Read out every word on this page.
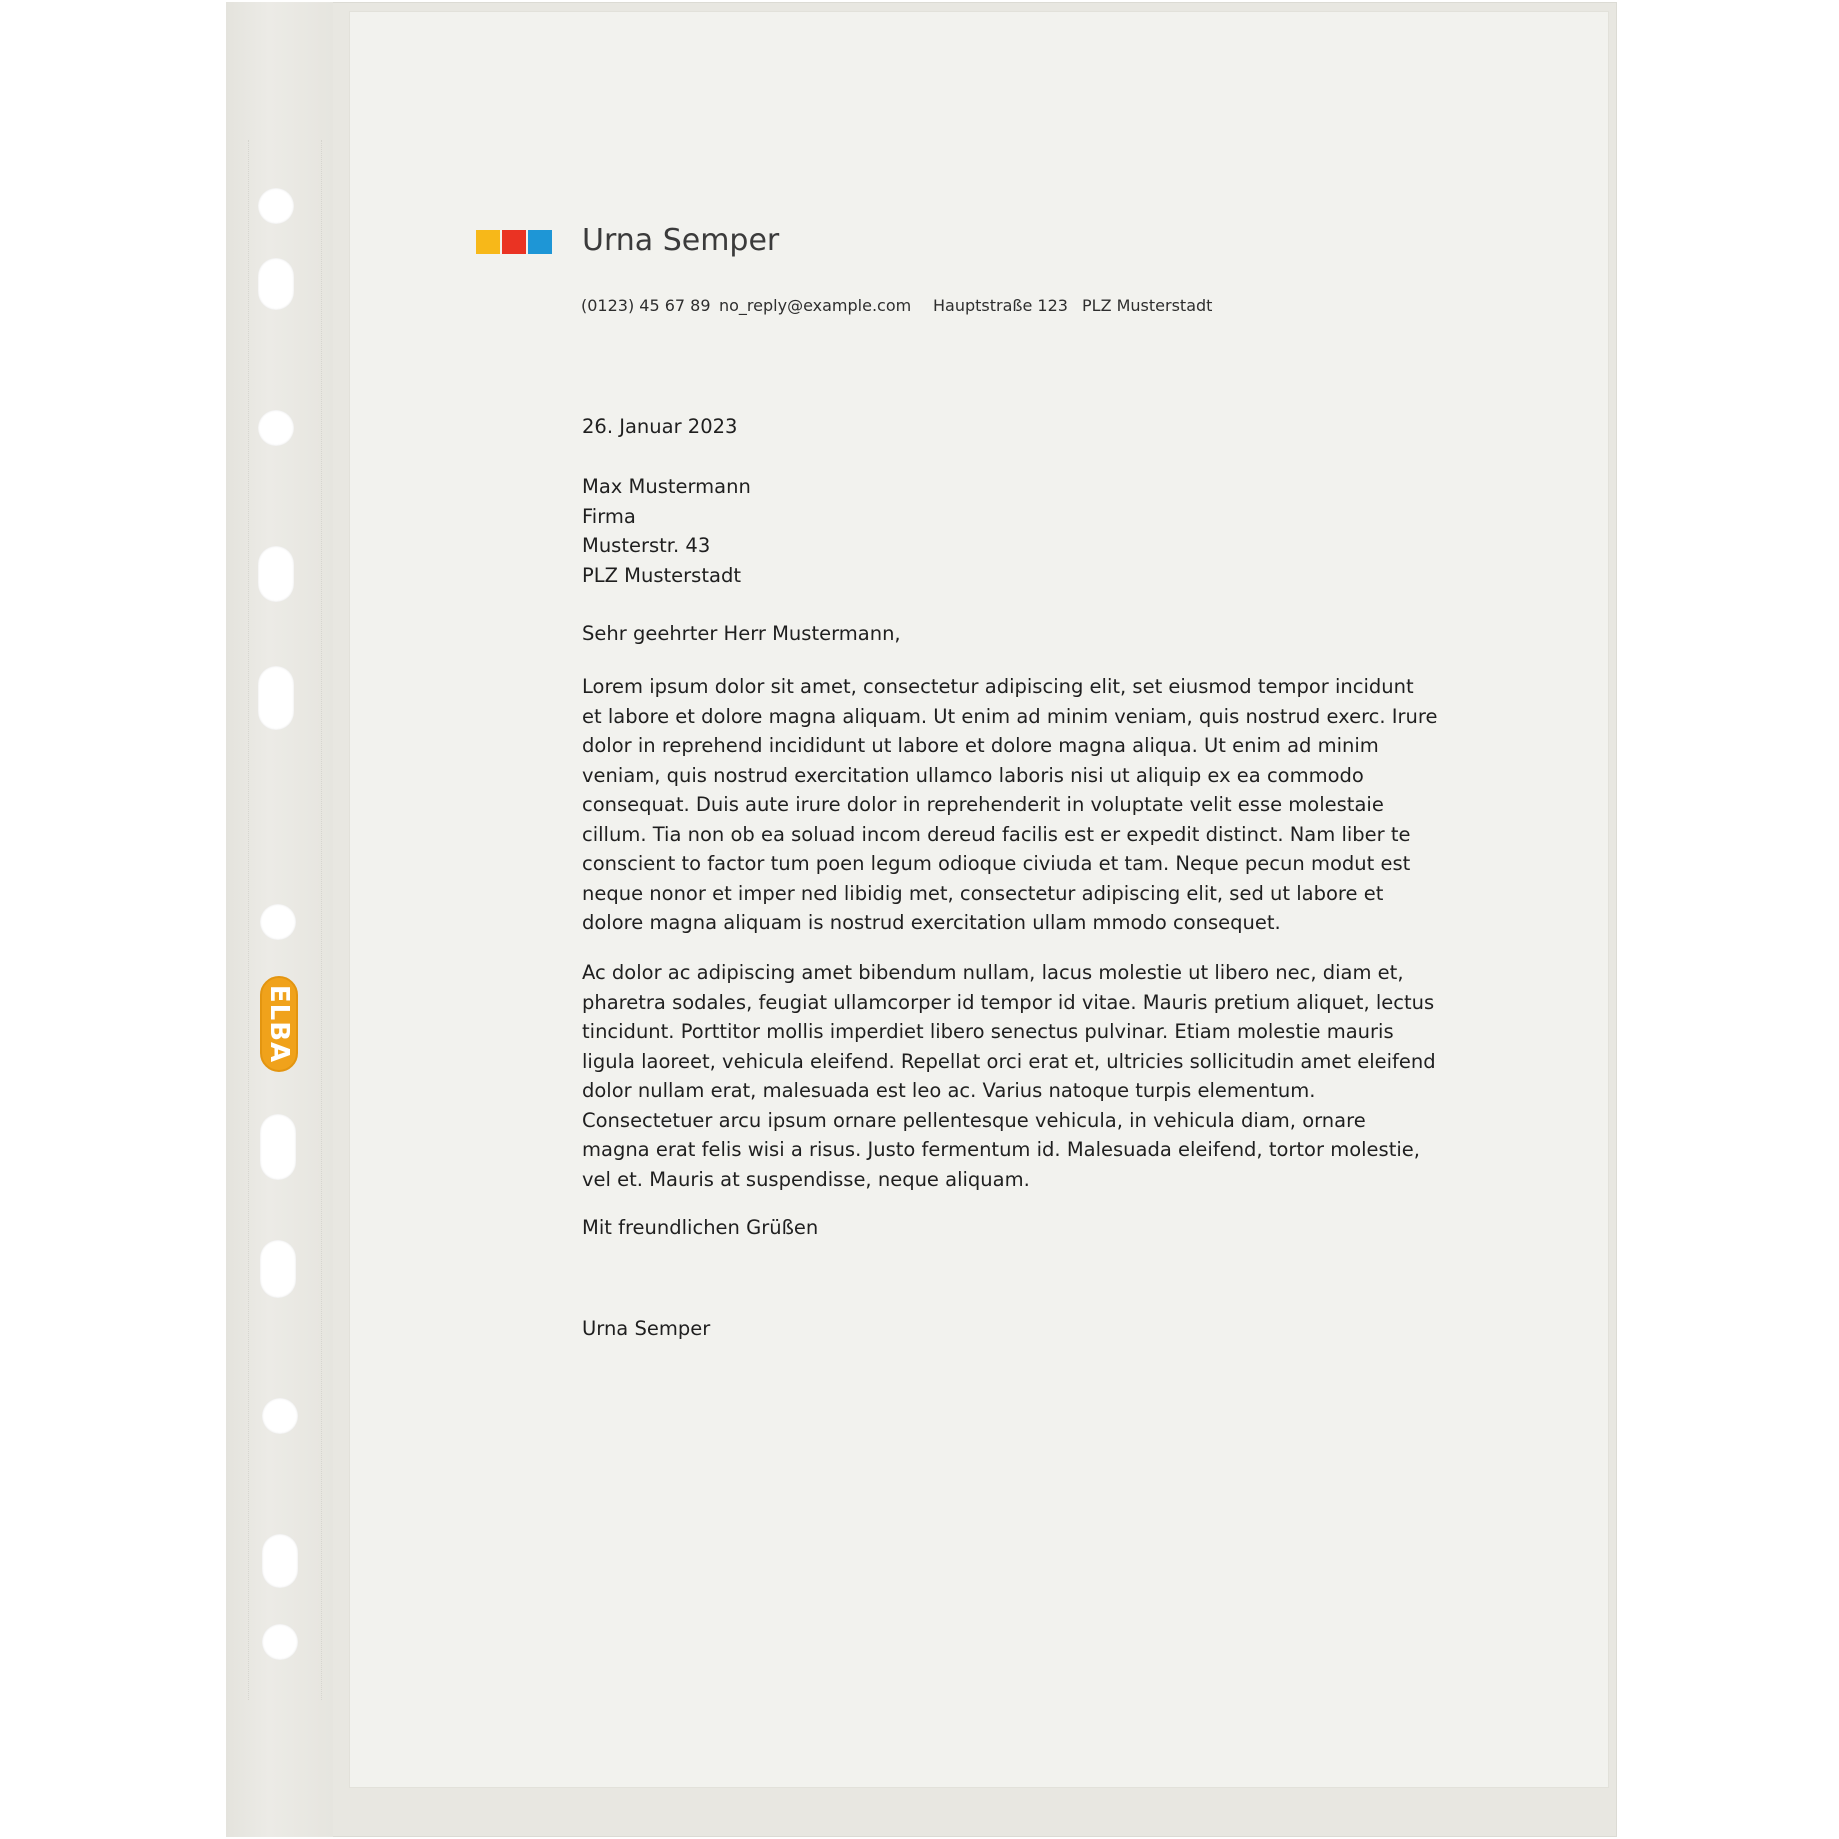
ELBA
Urna Semper
(0123) 45 67 89 no_reply@example.com Hauptstraße 123 PLZ Musterstadt
26. Januar 2023
Max Mustermann
Firma
Musterstr. 43
PLZ Musterstadt
Sehr geehrter Herr Mustermann,
Lorem ipsum dolor sit amet, consectetur adipiscing elit, set eiusmod tempor incidunt
et labore et dolore magna aliquam. Ut enim ad minim veniam, quis nostrud exerc. Irure
dolor in reprehend incididunt ut labore et dolore magna aliqua. Ut enim ad minim
veniam, quis nostrud exercitation ullamco laboris nisi ut aliquip ex ea commodo
consequat. Duis aute irure dolor in reprehenderit in voluptate velit esse molestaie
cillum. Tia non ob ea soluad incom dereud facilis est er expedit distinct. Nam liber te
conscient to factor tum poen legum odioque civiuda et tam. Neque pecun modut est
neque nonor et imper ned libidig met, consectetur adipiscing elit, sed ut labore et
dolore magna aliquam is nostrud exercitation ullam mmodo consequet.
Ac dolor ac adipiscing amet bibendum nullam, lacus molestie ut libero nec, diam et,
pharetra sodales, feugiat ullamcorper id tempor id vitae. Mauris pretium aliquet, lectus
tincidunt. Porttitor mollis imperdiet libero senectus pulvinar. Etiam molestie mauris
ligula laoreet, vehicula eleifend. Repellat orci erat et, ultricies sollicitudin amet eleifend
dolor nullam erat, malesuada est leo ac. Varius natoque turpis elementum.
Consectetuer arcu ipsum ornare pellentesque vehicula, in vehicula diam, ornare
magna erat felis wisi a risus. Justo fermentum id. Malesuada eleifend, tortor molestie,
vel et. Mauris at suspendisse, neque aliquam.
Mit freundlichen Grüßen
Urna Semper
